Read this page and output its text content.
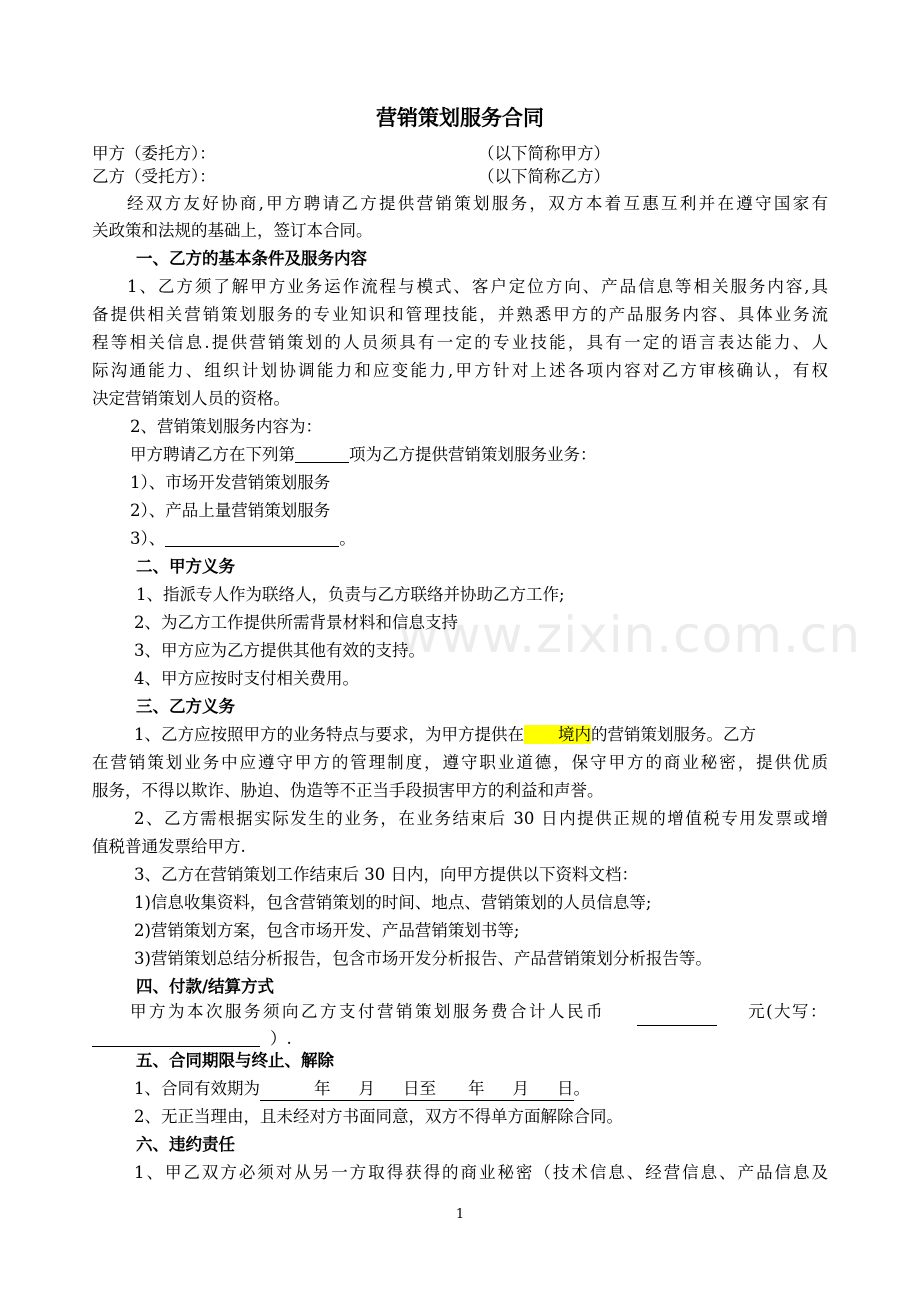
营销策划服务合同
甲方（委托方）：	（以下简称甲方）
乙方（受托方）：	（以下简称乙方）
经双方友好协商,甲方聘请乙方提供营销策划服务，双方本着互惠互利并在遵守国家有
关政策和法规的基础上，签订本合同。
一、乙方的基本条件及服务内容
1、乙方须了解甲方业务运作流程与模式、客户定位方向、产品信息等相关服务内容,具
备提供相关营销策划服务的专业知识和管理技能，并熟悉甲方的产品服务内容、具体业务流
程等相关信息.提供营销策划的人员须具有一定的专业技能，具有一定的语言表达能力、人
际沟通能力、组织计划协调能力和应变能力,甲方针对上述各项内容对乙方审核确认，有权
决定营销策划人员的资格。
2、营销策划服务内容为：
甲方聘请乙方在下列第	项为乙方提供营销策划服务业务：
1）、市场开发营销策划服务
2）、产品上量营销策划服务
3）、	。
二、甲方义务
1、指派专人作为联络人，负责与乙方联络并协助乙方工作;
2、为乙方工作提供所需背景材料和信息支持
3、甲方应为乙方提供其他有效的支持。
4、甲方应按时支付相关费用。
三、乙方义务
1、乙方应按照甲方的业务特点与要求，为甲方提供在 境内的营销策划服务。乙方
在营销策划业务中应遵守甲方的管理制度，遵守职业道德，保守甲方的商业秘密，提供优质
服务，不得以欺诈、胁迫、伪造等不正当手段损害甲方的利益和声誉。
2、乙方需根据实际发生的业务，在业务结束后 30 日内提供正规的增值税专用发票或增
值税普通发票给甲方.
3、乙方在营销策划工作结束后 30 日内，向甲方提供以下资料文档：
1)信息收集资料，包含营销策划的时间、地点、营销策划的人员信息等;
2)营销策划方案，包含市场开发、产品营销策划书等;
3)营销策划总结分析报告，包含市场开发分析报告、产品营销策划分析报告等。
四、付款/结算方式
甲方为本次服务须向乙方支付营销策划服务费合计人民币	元(大写：
）.
五、合同期限与终止、解除
1、合同有效期为	年 月 日至 年 月 日。
2、无正当理由，且未经对方书面同意，双方不得单方面解除合同。
六、违约责任
1、甲乙双方必须对从另一方取得获得的商业秘密（技术信息、经营信息、产品信息及
www.zixin.com.cn
1
